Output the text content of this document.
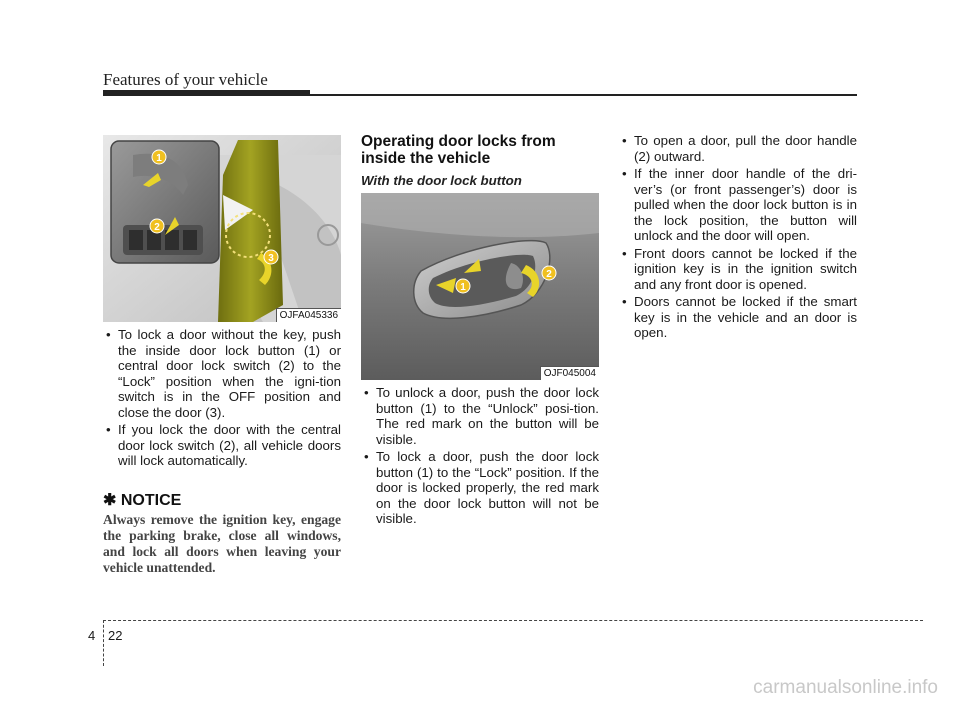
Features of your vehicle
1
2
3
OJFA045336
• To lock a door without the key, push the inside door lock button (1) or central door lock switch (2) to the “Lock” position when the igni-tion switch is in the OFF position and close the door (3).
• If you lock the door with the central door lock switch (2), all vehicle doors will lock automatically.
✱ NOTICE
Always remove the ignition key, engage the parking brake, close all windows, and lock all doors when leaving your vehicle unattended.
Operating door locks from inside the vehicle
With the door lock button
1
2
OJF045004
• To unlock a door, push the door lock button (1) to the “Unlock” posi-tion. The red mark on the button will be visible.
• To lock a door, push the door lock button (1) to the “Lock” position. If the door is locked properly, the red mark on the door lock button will not be visible.
• To open a door, pull the door handle (2) outward.
• If the inner door handle of the dri-ver’s (or front passenger’s) door is pulled when the door lock button is in the lock position, the button will unlock and the door will open.
• Front doors cannot be locked if the ignition key is in the ignition switch and any front door is opened.
• Doors cannot be locked if the smart key is in the vehicle and an door is open.
4 22
carmanualsonline.info
